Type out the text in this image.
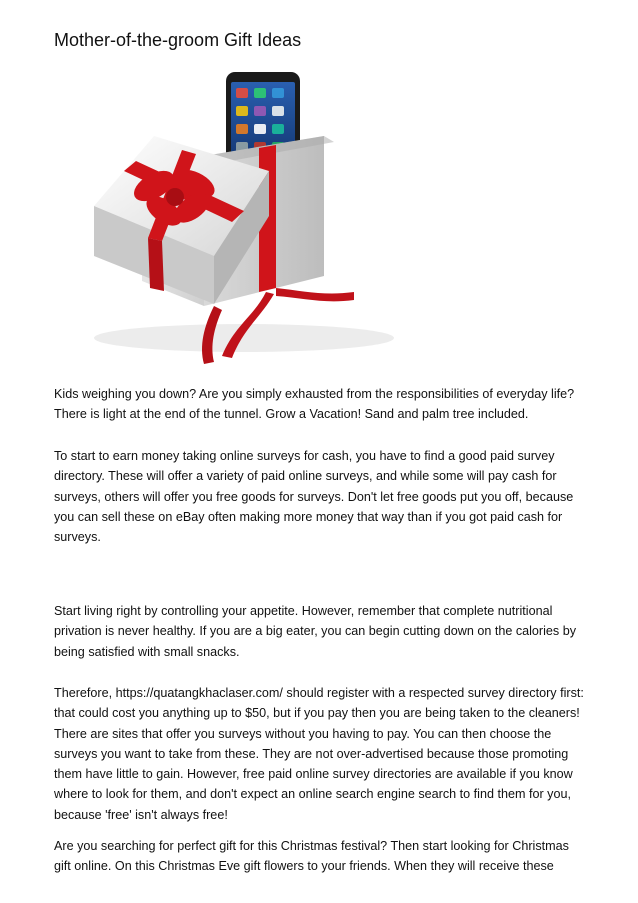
Mother-of-the-groom Gift Ideas

Kids weighing you down? Are you simply exhausted from the responsibilities of everyday life? There is light at the end of the tunnel. Grow a Vacation! Sand and palm tree included.

To start to earn money taking online surveys for cash, you have to find a good paid survey directory. These will offer a variety of paid online surveys, and while some will pay cash for surveys, others will offer you free goods for surveys. Don't let free goods put you off, because you can sell these on eBay often making more money that way than if you got paid cash for surveys.

Start living right by controlling your appetite. However, remember that complete nutritional privation is never healthy. If you are a big eater, you can begin cutting down on the calories by being satisfied with small snacks.

Therefore, https://quatangkhaclaser.com/ should register with a respected survey directory first: that could cost you anything up to $50, but if you pay then you are being taken to the cleaners! There are sites that offer you surveys without you having to pay. You can then choose the surveys you want to take from these. They are not over-advertised because those promoting them have little to gain. However, free paid online survey directories are available if you know where to look for them, and don't expect an online search engine search to find them for you, because 'free' isn't always free!

Are you searching for perfect gift for this Christmas festival? Then start looking for Christmas gift online. On this Christmas Eve gift flowers to your friends. When they will receive these
